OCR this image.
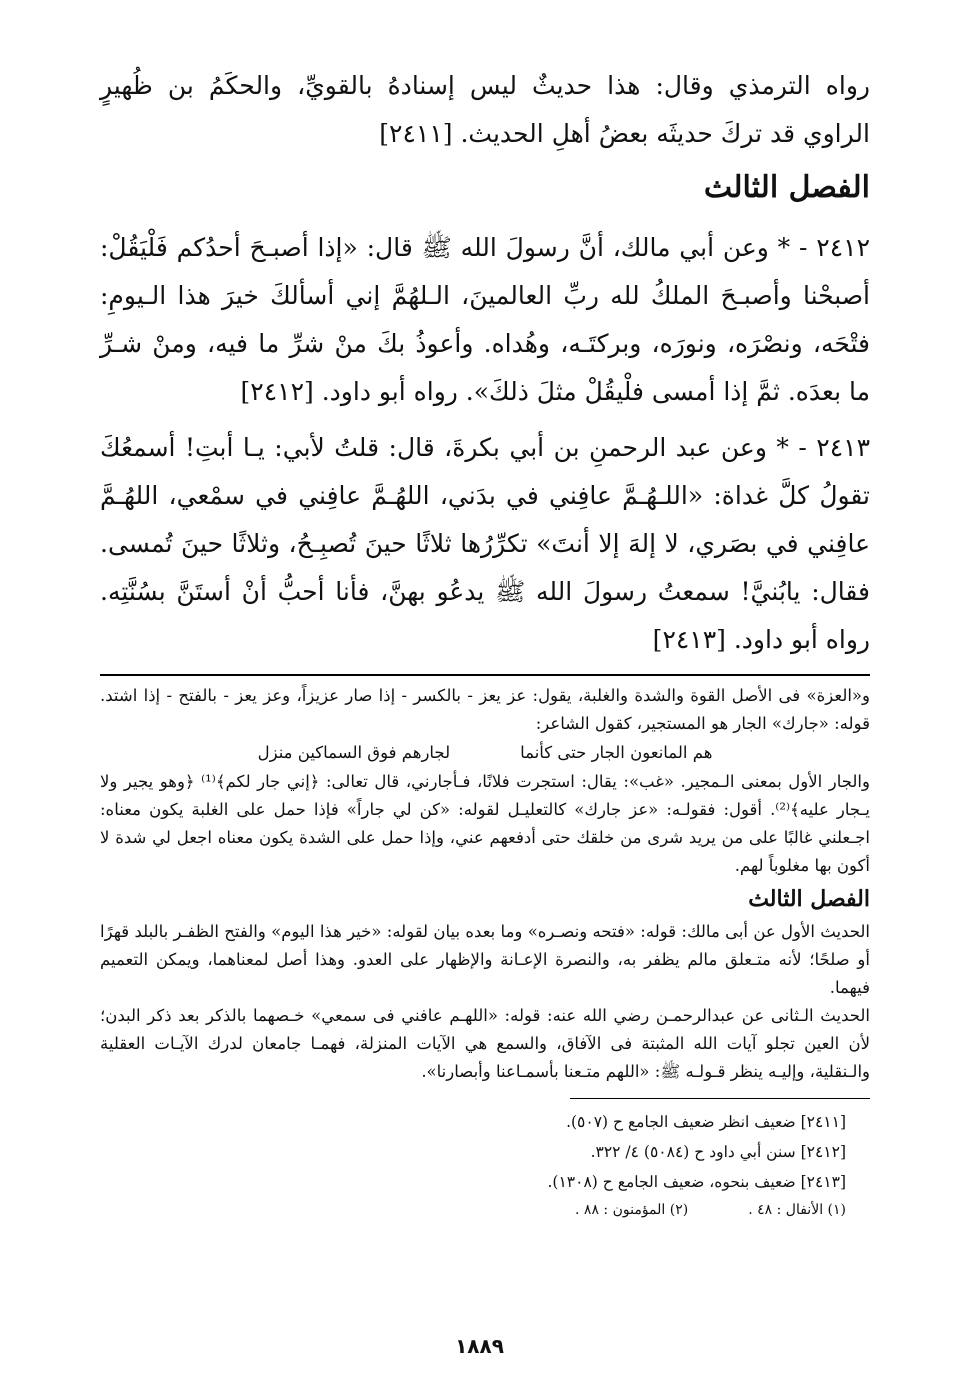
رواه الترمذي وقال: هذا حديثٌ ليس إسنادهُ بالقويِّ، والحكَمُ بن ظُهيرٍ الراوي قد تركَ حديثَه بعضُ أهلِ الحديث. [٢٤١١]

الفصل الثالث

٢٤١٢ - * وعن أبي مالك، أنَّ رسولَ الله ﷺ قال: «إذا أصبـحَ أحدُكم فَلْيَقُلْ: أصبحْنا وأصبـحَ الملكُ لله ربِّ العالمينَ، الـلهُمَّ إني أسألكَ خيرَ هذا الـيومِ: فتْحَه، ونصْرَه، ونورَه، وبركتَـه، وهُداه. وأعوذُ بكَ منْ شرِّ ما فيه، ومنْ شـرِّ ما بعدَه. ثمَّ إذا أمسى فلْيقُلْ مثلَ ذلكَ». رواه أبو داود. [٢٤١٢]

٢٤١٣ - * وعن عبد الرحمنِ بن أبي بكرةَ، قال: قلتُ لأبي: يـا أبتِ! أسمعُكَ تقولُ كلَّ غداة: «اللـهُـمَّ عافِني في بدَني، اللهُـمَّ عافِني في سمْعي، اللهُـمَّ عافِني في بصَري، لا إلهَ إلا أنتَ» تكرِّرُها ثلاثًا حينَ تُصبِـحُ، وثلاثًا حينَ تُمسى. فقال: يابُنيَّ! سمعتُ رسولَ الله ﷺ يدعُو بهنَّ، فأنا أحبُّ أنْ أستَنَّ بسُنَّتِه. رواه أبو داود. [٢٤١٣]

و«العزة» فى الأصل القوة والشدة والغلبة، يقول: عز يعز - بالكسر - إذا صار عزيزاً، وعز يعز - بالفتح - إذا اشتد. قوله: «جارك» الجار هو المستجير، كقول الشاعر:

هم المانعون الجار حتى كأنما
لجارهم فوق السماكين منزل

والجار الأول بمعنى الـمجير. «غب»: يقال: استجرت فلانًا، فـأجارني، قال تعالى: ﴿إني جار لكم﴾⁽¹⁾ ﴿وهو يجير ولا يـجار عليه﴾⁽²⁾. أقول: فقولـه: «عز جارك» كالتعليـل لقوله: «كن لي جاراً» فإذا حمل على الغلبة يكون معناه: اجـعلني غالبًا على من يريد شرى من خلقك حتى أدفعهم عني، وإذا حمل على الشدة يكون معناه اجعل لي شدة لا أكون بها مغلوباً لهم.

الفصل الثالث

الحديث الأول عن أبى مالك: قوله: «فتحه ونصـره» وما بعده بيان لقوله: «خير هذا اليوم» والفتح الظفـر بالبلد قهرًا أو صلحًا؛ لأنه متـعلق مالم يظفر به، والنصرة الإعـانة والإظهار على العدو. وهذا أصل لمعناهما، ويمكن التعميم فيهما.

الحديث الـثانى عن عبدالرحمـن رضي الله عنه: قوله: «اللهـم عافني فى سمعي» خـصهما بالذكر بعد ذكر البدن؛ لأن العين تجلو آيات الله المثبتة فى الآفاق، والسمع هي الآيات المنزلة، فهمـا جامعان لدرك الآيـات العقلية والـنقلية، وإليـه ينظر قـولـه ﷺ: «اللهم متـعنا بأسمـاعنا وأبصارنا».

[٢٤١١] ضعيف انظر ضعيف الجامع ح (٥٠٧).

[٢٤١٢] سنن أبي داود ح (٥٠٨٤) ٤/ ٣٢٢.

[٢٤١٣] ضعيف بنحوه، ضعيف الجامع ح (١٣٠٨).

(١) الأنفال : ٤٨ .
(٢) المؤمنون : ٨٨ .
١٨٨٩
